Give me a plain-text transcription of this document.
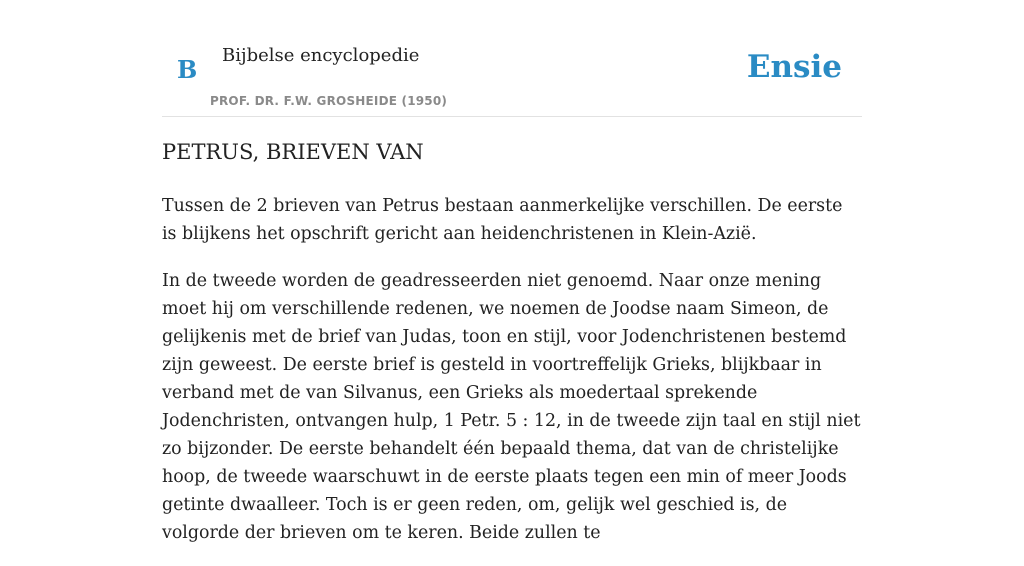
B Bijbelse encyclopedie
PROF. DR. F.W. GROSHEIDE (1950)
Ensie
PETRUS, BRIEVEN VAN

Tussen de 2 brieven van Petrus bestaan aanmerkelijke verschillen. De eerste is blijkens het opschrift gericht aan heidenchristenen in Klein-Azië.

In de tweede worden de geadresseerden niet genoemd. Naar onze mening moet hij om verschillende redenen, we noemen de Joodse naam Simeon, de gelijkenis met de brief van Judas, toon en stijl, voor Jodenchristenen bestemd zijn geweest. De eerste brief is gesteld in voortreffelijk Grieks, blijkbaar in verband met de van Silvanus, een Grieks als moedertaal sprekende Jodenchristen, ontvangen hulp, 1 Petr. 5 : 12, in de tweede zijn taal en stijl niet zo bijzonder. De eerste behandelt één bepaald thema, dat van de christelijke hoop, de tweede waarschuwt in de eerste plaats tegen een min of meer Joods getinte dwaalleer. Toch is er geen reden, om, gelijk wel geschied is, de volgorde der brieven om te keren. Beide zullen te
